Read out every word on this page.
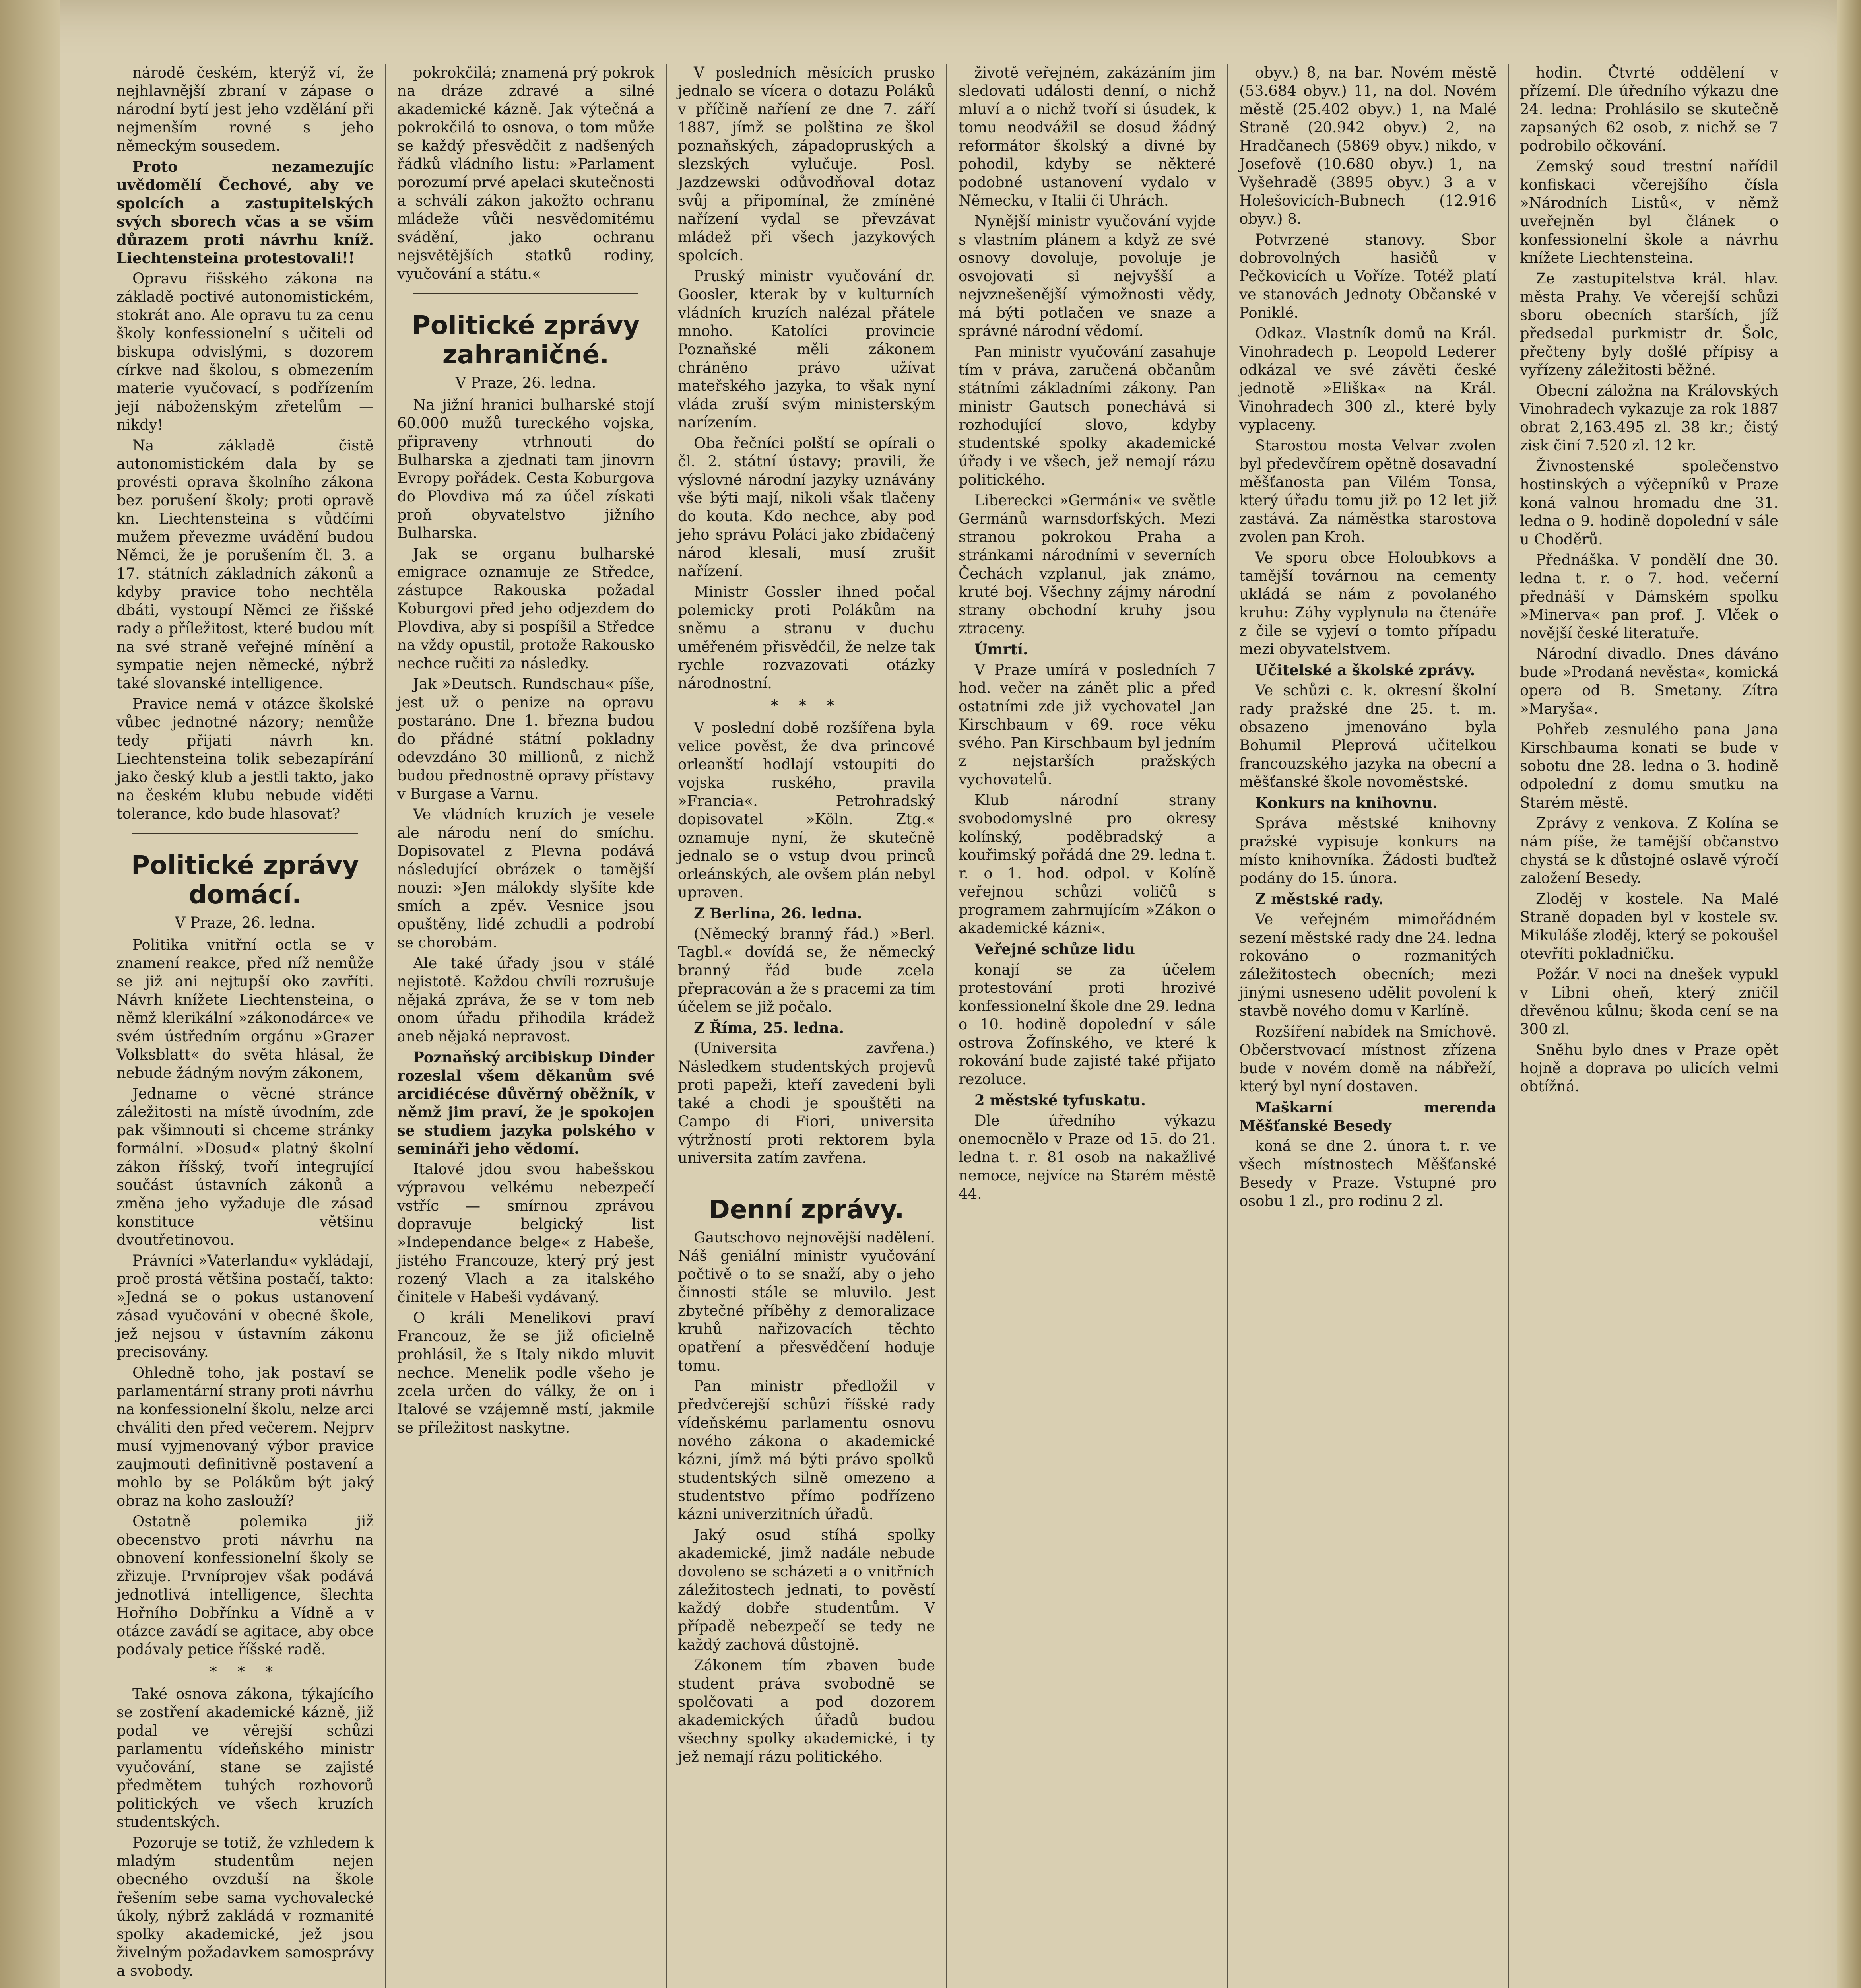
národě českém, kterýž ví, že nejhlavnější zbraní v zápase o národní bytí jest jeho vzdělání při nejmenším rovné s jeho německým sousedem.

Proto nezamezujíc uvědomělí Čechové, aby ve spolcích a zastupitelských svých sborech včas a se vším důrazem proti návrhu kníž. Liechtensteina protestovali!!

Opravu řišského zákona na základě poctivé autonomistickém, stokrát ano. Ale opravu tu za cenu školy konfessionelní s učiteli od biskupa odvislými, s dozorem církve nad školou, s obmezením materie vyučovací, s podřízením její náboženským zřetelům — nikdy!

Na základě čistě autonomistickém dala by se provésti oprava školního zákona bez porušení školy; proti opravě kn. Liechtensteina s vůdčími mužem převezme uvádění budou Němci, že je porušením čl. 3. a 17. státních základních zákonů a kdyby pravice toho nechtěla dbáti, vystoupí Němci ze řišské rady a příležitost, které budou mít na své straně veřejné mínění a sympatie nejen německé, nýbrž také slovanské intelligence.

Pravice nemá v otázce školské vůbec jednotné názory; nemůže tedy přijati návrh kn. Liechtensteina tolik sebezapírání jako český klub a jestli takto, jako na českém klubu nebude viděti tolerance, kdo bude hlasovat?

Politické zprávy domácí.

V Praze, 26. ledna.

Politika vnitřní octla se v znamení reakce, před níž nemůže se již ani nejtupší oko zavříti. Návrh knížete Liechtensteina, o němž klerikální »zákonodárce« ve svém ústředním orgánu »Grazer Volksblatt« do světa hlásal, že nebude žádným novým zákonem,

Jedname o věcné stránce záležitosti na místě úvodním, zde pak všimnouti si chceme stránky formální. »Dosud« platný školní zákon říšský, tvoří integrující součást ústavních zákonů a změna jeho vyžaduje dle zásad konstituce většinu dvoutřetinovou.

Právníci »Vaterlandu« vykládají, proč prostá většina postačí, takto: »Jedná se o pokus ustanovení zásad vyučování v obecné škole, jež nejsou v ústavním zákonu precisovány.

Ohledně toho, jak postaví se parlamentární strany proti návrhu na konfessionelní školu, nelze arci chváliti den před večerem. Nejprv musí vyjmenovaný výbor pravice zaujmouti definitivně postavení a mohlo by se Polákům být jaký obraz na koho zaslouží?

Ostatně polemika již obecenstvo proti návrhu na obnovení konfessionelní školy se zřizuje. Prvníprojev však podává jednotlivá intelligence, šlechta Hořního Dobřínku a Vídně a v otázce zavádí se agitace, aby obce podávaly petice říšské radě.

* * *

Také osnova zákona, týkajícího se zostření akademické kázně, již podal ve věrejší schůzi parlamentu vídeňského ministr vyučování, stane se zajisté předmětem tuhých rozhovorů politických ve všech kruzích studentských.

Pozoruje se totiž, že vzhledem k mladým studentům nejen obecného ovzduší na škole řešením sebe sama vychovalecké úkoly, nýbrž zakládá v rozmanité spolky akademické, jež jsou živelným požadavkem samosprávy a svobody.

pokrokčilá; znamená prý pokrok na dráze zdravé a silné akademické kázně. Jak výtečná a pokrokčilá to osnova, o tom může se každý přesvědčit z nadšených řádků vládního listu: »Parlament porozumí prvé apelaci skutečnosti a schválí zákon jakožto ochranu mládeže vůči nesvědomitému svádění, jako ochranu nejsvětějších statků rodiny, vyučování a státu.«

Politické zprávy zahraničné.

V Praze, 26. ledna.

Na jižní hranici bulharské stojí 60.000 mužů tureckého vojska, připraveny vtrhnouti do Bulharska a zjednati tam jinovrn Evropy pořádek. Cesta Koburgova do Plovdiva má za účel získati proň obyvatelstvo jižního Bulharska.

Jak se organu bulharské emigrace oznamuje ze Středce, zástupce Rakouska požadal Koburgovi před jeho odjezdem do Plovdiva, aby si pospíšil a Středce na vždy opustil, protože Rakousko nechce ručiti za následky.

Jak »Deutsch. Rundschau« píše, jest už o penize na opravu postaráno. Dne 1. března budou do přádné státní pokladny odevzdáno 30 millionů, z nichž budou přednostně opravy přístavy v Burgase a Varnu.

Ve vládních kruzích je vesele ale národu není do smíchu. Dopisovatel z Plevna podává následující obrázek o tamější nouzi: »Jen málokdy slyšíte kde smích a zpěv. Vesnice jsou opuštěny, lidé zchudli a podrobí se chorobám.

Ale také úřady jsou v stálé nejistotě. Každou chvíli rozrušuje nějaká zpráva, že se v tom neb onom úřadu přihodila krádež aneb nějaká nepravost.

Poznaňský arcibiskup Dinder rozeslal všem děkanům své arcidiécése důvěrný oběžník, v němž jim praví, že je spokojen se studiem jazyka polského v semináři jeho vědomí.

Italové jdou svou habešskou výpravou velkému nebezpečí vstříc — smírnou zprávou dopravuje belgický list »Independance belge« z Habeše, jistého Francouze, který prý jest rozený Vlach a za italského činitele v Habeši vydávaný.

O králi Menelikovi praví Francouz, že se již oficielně prohlásil, že s Italy nikdo mluvit nechce. Menelik podle všeho je zcela určen do války, že on i Italové se vzájemně mstí, jakmile se příležitost naskytne.

V posledních měsících prusko jednalo se vícera o dotazu Poláků v příčině naříení ze dne 7. září 1887, jímž se polština ze škol poznaňských, západopruských a slezských vylučuje. Posl. Jazdzewski odůvodňoval dotaz svůj a připomínal, že zmíněné nařízení vydal se převzávat mládež při všech jazykových spolcích.

Pruský ministr vyučování dr. Goosler, kterak by v kulturních vládních kruzích nalézal přátele mnoho. Katolíci provincie Poznaňské měli zákonem chráněno právo užívat mateřského jazyka, to však nyní vláda zruší svým ministerským narízením.

Oba řečníci polští se opírali o čl. 2. státní ústavy; pravili, že výslovné národní jazyky uznávány vše býti mají, nikoli však tlačeny do kouta. Kdo nechce, aby pod jeho správu Poláci jako zbídačený národ klesali, musí zrušit nařízení.

Ministr Gossler ihned počal polemicky proti Polákům na sněmu a stranu v duchu uměřeném přisvědčil, že nelze tak rychle rozvazovati otázky národnostní.

* * *

V poslední době rozšířena byla velice pověst, že dva princové orleanští hodlají vstoupiti do vojska ruského, pravila »Francia«. Petrohradský dopisovatel »Köln. Ztg.« oznamuje nyní, že skutečně jednalo se o vstup dvou princů orleánských, ale ovšem plán nebyl upraven.

Z Berlína, 26. ledna.

(Německý branný řád.) »Berl. Tagbl.« dovídá se, že německý branný řád bude zcela přepracován a že s pracemi za tím účelem se již počalo.

Z Říma, 25. ledna.

(Universita zavřena.) Následkem studentských projevů proti papeži, kteří zavedeni byli také a chodi je spouštěti na Campo di Fiori, universita výtržností proti rektorem byla universita zatím zavřena.

Denní zprávy.

Gautschovo nejnovější nadělení. Náš geniální ministr vyučování počtivě o to se snaží, aby o jeho činnosti stále se mluvilo. Jest zbytečné příběhy z demoralizace kruhů nařizovacích těchto opatření a přesvědčení hoduje tomu.

Pan ministr předložil v předvčerejší schůzi říšské rady vídeňskému parlamentu osnovu nového zákona o akademické kázni, jímž má býti právo spolků studentských silně omezeno a studentstvo přímo podřízeno kázni univerzitních úřadů.

Jaký osud stíhá spolky akademické, jimž nadále nebude dovoleno se scházeti a o vnitřních záležitostech jednati, to pověstí každý dobře studentům. V případě nebezpečí se tedy ne každý zachová důstojně.

Zákonem tím zbaven bude student práva svobodně se spolčovati a pod dozorem akademických úřadů budou všechny spolky akademické, i ty jež nemají rázu politického.

životě veřejném, zakázáním jim sledovati události denní, o nichž mluví a o nichž tvoří si úsudek, k tomu neodvážil se dosud žádný reformátor školský a divné by pohodil, kdyby se některé podobné ustanovení vydalo v Německu, v Italii či Uhrách.

Nynější ministr vyučování vyjde s vlastním plánem a když ze své osnovy dovoluje, povoluje je osvojovati si nejvyšší a nejvznešenější výmožnosti vědy, má býti potlačen ve snaze a správné národní vědomí.

Pan ministr vyučování zasahuje tím v práva, zaručená občanům státními základními zákony. Pan ministr Gautsch ponechává si rozhodující slovo, kdyby studentské spolky akademické úřady i ve všech, jež nemají rázu politického.

Libereckci »Germáni« ve světle Germánů warnsdorfských. Mezi stranou pokrokou Praha a stránkami národními v severních Čechách vzplanul, jak známo, kruté boj. Všechny zájmy národní strany obchodní kruhy jsou ztraceny.

Úmrtí.

V Praze umírá v posledních 7 hod. večer na zánět plic a před ostatními zde již vychovatel Jan Kirschbaum v 69. roce věku svého. Pan Kirschbaum byl jedním z nejstarších pražských vychovatelů.

Klub národní strany svobodomyslné pro okresy kolínský, poděbradský a kouřimský pořádá dne 29. ledna t. r. o 1. hod. odpol. v Kolíně veřejnou schůzi voličů s programem zahrnujícím »Zákon o akademické kázni«.

Veřejné schůze lidu

konají se za účelem protestování proti hrozivé konfessionelní škole dne 29. ledna o 10. hodině dopolední v sále ostrova Žofínského, ve které k rokování bude zajisté také přijato rezoluce.

2 městské tyfuskatu.

Dle úředního výkazu onemocnělo v Praze od 15. do 21. ledna t. r. 81 osob na nakažlivé nemoce, nejvíce na Starém městě 44.

obyv.) 8, na bar. Novém městě (53.684 obyv.) 11, na dol. Novém městě (25.402 obyv.) 1, na Malé Straně (20.942 obyv.) 2, na Hradčanech (5869 obyv.) nikdo, v Josefově (10.680 obyv.) 1, na Vyšehradě (3895 obyv.) 3 a v Holešovicích-Bubnech (12.916 obyv.) 8.

Potvrzené stanovy. Sbor dobrovolných hasičů v Pečkovicích u Voříze. Totéž platí ve stanovách Jednoty Občanské v Poniklé.

Odkaz. Vlastník domů na Král. Vinohradech p. Leopold Lederer odkázal ve své závěti české jednotě »Eliška« na Král. Vinohradech 300 zl., které byly vyplaceny.

Starostou mosta Velvar zvolen byl předevčírem opětně dosavadní měšťanosta pan Vilém Tonsa, který úřadu tomu již po 12 let již zastává. Za náměstka starostova zvolen pan Kroh.

Ve sporu obce Holoubkovs a tamější továrnou na cementy ukládá se nám z povolaného kruhu: Záhy vyplynula na čtenáře z čile se vyjeví o tomto případu mezi obyvatelstvem.

Učitelské a školské zprávy.

Ve schůzi c. k. okresní školní rady pražské dne 25. t. m. obsazeno jmenováno byla Bohumil Pleprová učitelkou francouzského jazyka na obecní a měšťanské škole novoměstské.

Konkurs na knihovnu.

Správa městské knihovny pražské vypisuje konkurs na místo knihovníka. Žádosti buďtež podány do 15. února.

Z městské rady.

Ve veřejném mimořádném sezení městské rady dne 24. ledna rokováno o rozmanitých záležitostech obecních; mezi jinými usneseno udělit povolení k stavbě nového domu v Karlíně.

Rozšíření nabídek na Smíchově. Občerstvovací místnost zřízena bude v novém domě na nábřeží, který byl nyní dostaven.

Maškarní merenda Měšťanské Besedy

koná se dne 2. února t. r. ve všech místnostech Měšťanské Besedy v Praze. Vstupné pro osobu 1 zl., pro rodinu 2 zl.

hodin. Čtvrté oddělení v přízemí. Dle úředního výkazu dne 24. ledna: Prohlásilo se skutečně zapsaných 62 osob, z nichž se 7 podrobilo očkování.

Zemský soud trestní nařídil konfiskaci včerejšího čísla »Národních Listů«, v němž uveřejněn byl článek o konfessionelní škole a návrhu knížete Liechtensteina.

Ze zastupitelstva král. hlav. města Prahy. Ve včerejší schůzi sboru obecních starších, jíž předsedal purkmistr dr. Šolc, přečteny byly došlé přípisy a vyřízeny záležitosti běžné.

Obecní záložna na Královských Vinohradech vykazuje za rok 1887 obrat 2,163.495 zl. 38 kr.; čistý zisk činí 7.520 zl. 12 kr.

Živnostenské společenstvo hostinských a výčepníků v Praze koná valnou hromadu dne 31. ledna o 9. hodině dopolední v sále u Choděrů.

Přednáška. V pondělí dne 30. ledna t. r. o 7. hod. večerní přednáší v Dámském spolku »Minerva« pan prof. J. Vlček o novější české literatuře.

Národní divadlo. Dnes dáváno bude »Prodaná nevěsta«, komická opera od B. Smetany. Zítra »Maryša«.

Pohřeb zesnulého pana Jana Kirschbauma konati se bude v sobotu dne 28. ledna o 3. hodině odpolední z domu smutku na Starém městě.

Zprávy z venkova. Z Kolína se nám píše, že tamější občanstvo chystá se k důstojné oslavě výročí založení Besedy.

Zloděj v kostele. Na Malé Straně dopaden byl v kostele sv. Mikuláše zloděj, který se pokoušel otevříti pokladničku.

Požár. V noci na dnešek vypukl v Libni oheň, který zničil dřevěnou kůlnu; škoda cení se na 300 zl.

Sněhu bylo dnes v Praze opět hojně a doprava po ulicích velmi obtížná.
